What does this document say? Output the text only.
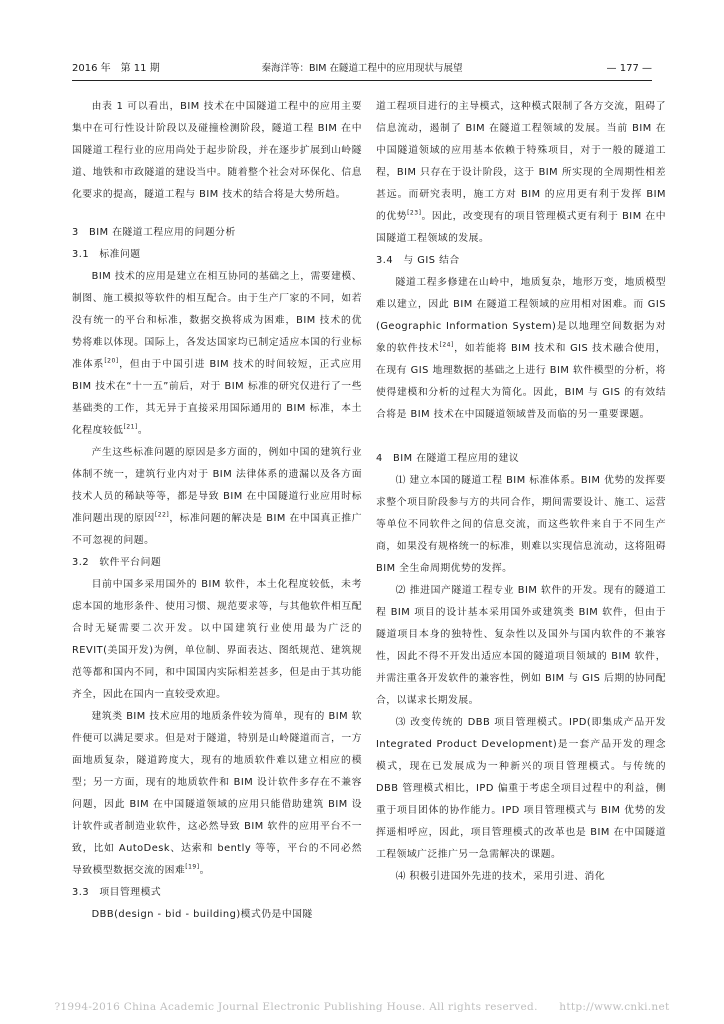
2016 年　第 11 期	秦海洋等：BIM 在隧道工程中的应用现状与展望	— 177 —

由表 1 可以看出，BIM 技术在中国隧道工程中的应用主要集中在可行性设计阶段以及碰撞检测阶段，隧道工程 BIM 在中国隧道工程行业的应用尚处于起步阶段，并在逐步扩展到山岭隧道、地铁和市政隧道的建设当中。随着整个社会对环保化、信息化要求的提高，隧道工程与 BIM 技术的结合将是大势所趋。

3　BIM 在隧道工程应用的问题分析
3.1　标准问题

BIM 技术的应用是建立在相互协同的基础之上，需要建模、制图、施工模拟等软件的相互配合。由于生产厂家的不同，如若没有统一的平台和标准，数据交换将成为困难，BIM 技术的优势将难以体现。国际上，各发达国家均已制定适应本国的行业标准体系[20]，但由于中国引进 BIM 技术的时间较短，正式应用 BIM 技术在“十一五”前后，对于 BIM 标准的研究仅进行了一些基础类的工作，其无异于直接采用国际通用的 BIM 标准，本土化程度较低[21]。

产生这些标准问题的原因是多方面的，例如中国的建筑行业体制不统一，建筑行业内对于 BIM 法律体系的遗漏以及各方面技术人员的稀缺等等，都是导致 BIM 在中国隧道行业应用时标准问题出现的原因[22]，标准问题的解决是 BIM 在中国真正推广不可忽视的问题。

3.2　软件平台问题

目前中国多采用国外的 BIM 软件，本土化程度较低，未考虑本国的地形条件、使用习惯、规范要求等，与其他软件相互配合时无疑需要二次开发。以中国建筑行业使用最为广泛的 REVIT(美国开发)为例，单位制、界面表达、图纸规范、建筑规范等都和国内不同，和中国国内实际相差甚多，但是由于其功能齐全，因此在国内一直较受欢迎。

建筑类 BIM 技术应用的地质条件较为简单，现有的 BIM 软件便可以满足要求。但是对于隧道，特别是山岭隧道而言，一方面地质复杂，隧道跨度大，现有的地质软件难以建立相应的模型；另一方面，现有的地质软件和 BIM 设计软件多存在不兼容问题，因此 BIM 在中国隧道领域的应用只能借助建筑 BIM 设计软件或者制造业软件，这必然导致 BIM 软件的应用平台不一致，比如 AutoDesk、达索和 bently 等等，平台的不同必然导致模型数据交流的困难[19]。

3.3　项目管理模式

DBB(design - bid - building)模式仍是中国隧

道工程项目进行的主导模式，这种模式限制了各方交流，阻碍了信息流动，遏制了 BIM 在隧道工程领域的发展。当前 BIM 在中国隧道领域的应用基本依赖于特殊项目，对于一般的隧道工程，BIM 只存在于设计阶段，这于 BIM 所实现的全周期性相差甚远。而研究表明，施工方对 BIM 的应用更有利于发挥 BIM 的优势[23]。因此，改变现有的项目管理模式更有利于 BIM 在中国隧道工程领域的发展。

3.4　与 GIS 结合

隧道工程多修建在山岭中，地质复杂，地形万变，地质模型难以建立，因此 BIM 在隧道工程领域的应用相对困难。而 GIS (Geographic Information System)是以地理空间数据为对象的软件技术[24]，如若能将 BIM 技术和 GIS 技术融合使用，在现有 GIS 地理数据的基础之上进行 BIM 软件模型的分析，将使得建模和分析的过程大为简化。因此，BIM 与 GIS 的有效结合将是 BIM 技术在中国隧道领域普及而临的另一重要课题。

4　BIM 在隧道工程应用的建议

⑴ 建立本国的隧道工程 BIM 标准体系。BIM 优势的发挥要求整个项目阶段参与方的共同合作，期间需要设计、施工、运营等单位不同软件之间的信息交流，而这些软件来自于不同生产商，如果没有规格统一的标准，则难以实现信息流动，这将阻碍 BIM 全生命周期优势的发挥。

⑵ 推进国产隧道工程专业 BIM 软件的开发。现有的隧道工程 BIM 项目的设计基本采用国外或建筑类 BIM 软件，但由于隧道项目本身的独特性、复杂性以及国外与国内软件的不兼容性，因此不得不开发出适应本国的隧道项目领域的 BIM 软件，并需注重各开发软件的兼容性，例如 BIM 与 GIS 后期的协同配合，以谋求长期发展。

⑶ 改变传统的 DBB 项目管理模式。IPD(即集成产品开发 Integrated Product Development)是一套产品开发的理念模式，现在已发展成为一种新兴的项目管理模式。与传统的 DBB 管理模式相比，IPD 偏重于考虑全项目过程中的利益，侧重于项目团体的协作能力。IPD 项目管理模式与 BIM 优势的发挥遥相呼应，因此，项目管理模式的改革也是 BIM 在中国隧道工程领域广泛推广另一急需解决的课题。

⑷ 积极引进国外先进的技术，采用引进、消化

?1994-2016 China Academic Journal Electronic Publishing House. All rights reserved.　　http://www.cnki.net
